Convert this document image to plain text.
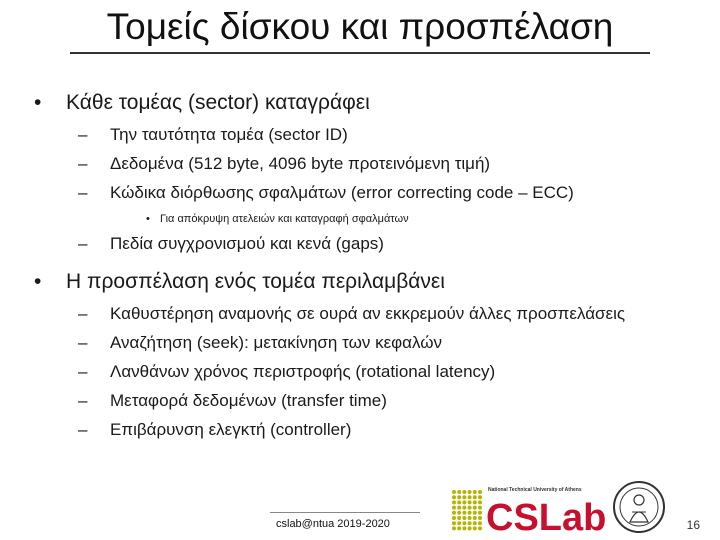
Τομείς δίσκου και προσπέλαση
•	Κάθε τομέας (sector) καταγράφει
– Την ταυτότητα τομέα (sector ID)
– Δεδομένα (512 byte, 4096 byte προτεινόμενη τιμή)
– Κώδικα διόρθωσης σφαλμάτων (error correcting code – ECC)
• Για απόκρυψη ατελειών και καταγραφή σφαλμάτων
– Πεδία συγχρονισμού και κενά (gaps)
•	Η προσπέλαση ενός τομέα περιλαμβάνει
– Καθυστέρηση αναμονής σε ουρά αν εκκρεμούν άλλες προσπελάσεις
– Αναζήτηση (seek): μετακίνηση των κεφαλών
– Λανθάνων χρόνος περιστροφής (rotational latency)
– Μεταφορά δεδομένων (transfer time)
– Επιβάρυνση ελεγκτή (controller)
cslab@ntua 2019-2020
National Technical University of Athens
CSLab	16
